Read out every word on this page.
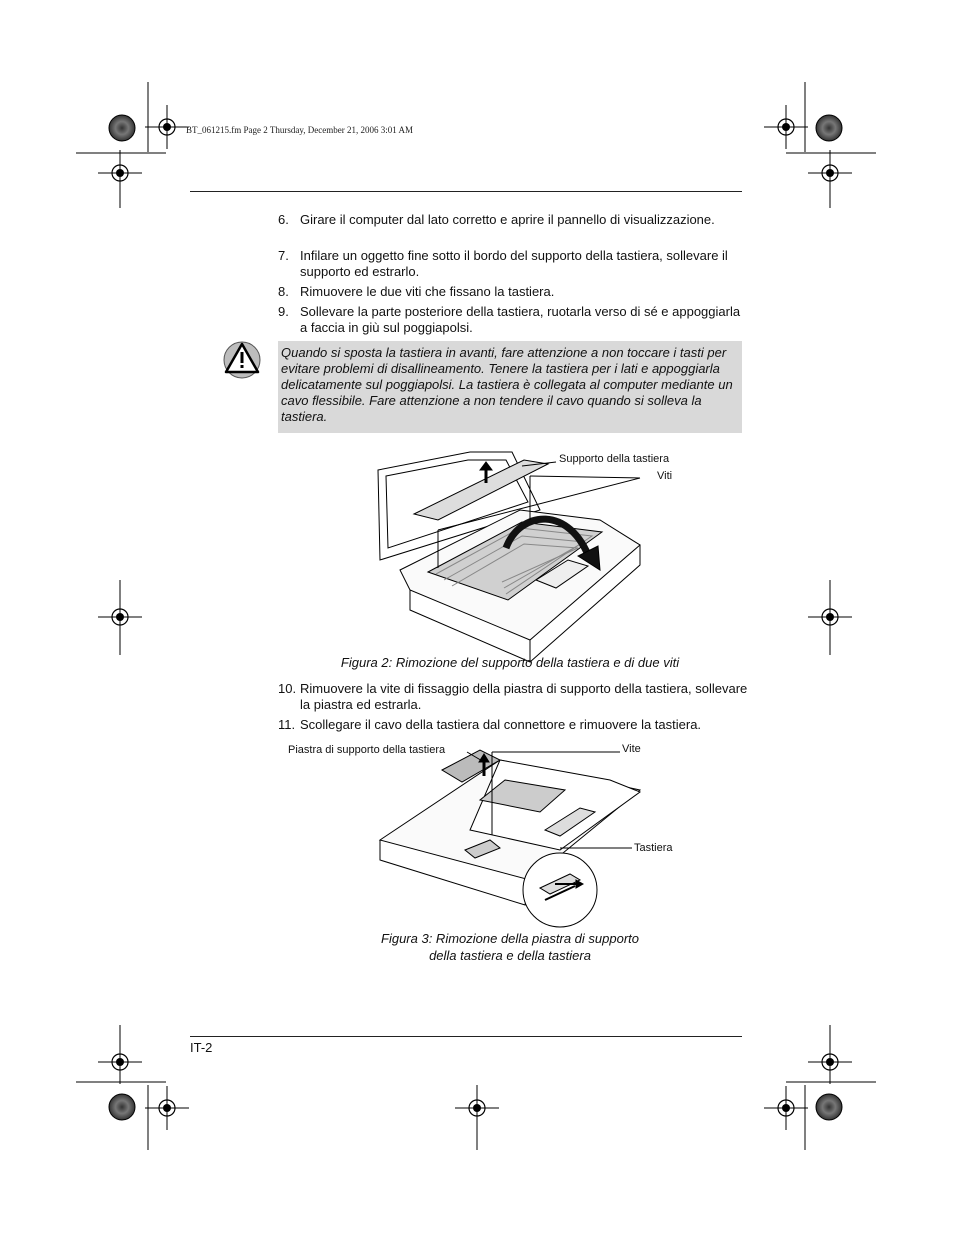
BT_061215.fm Page 2 Thursday, December 21, 2006 3:01 AM
6. Girare il computer dal lato corretto e aprire il pannello di visualizzazione.
7. Infilare un oggetto fine sotto il bordo del supporto della tastiera, sollevare il supporto ed estrarlo.
8. Rimuovere le due viti che fissano la tastiera.
9. Sollevare la parte posteriore della tastiera, ruotarla verso di sé e appoggiarla a faccia in giù sul poggiapolsi.
Quando si sposta la tastiera in avanti, fare attenzione a non toccare i tasti per evitare problemi di disallineamento. Tenere la tastiera per i lati e appoggiarla delicatamente sul poggiapolsi. La tastiera è collegata al computer mediante un cavo flessibile. Fare attenzione a non tendere il cavo quando si solleva la tastiera.
Supporto della tastiera
Viti
Figura 2: Rimozione del supporto della tastiera e di due viti
10. Rimuovere la vite di fissaggio della piastra di supporto della tastiera, sollevare la piastra ed estrarla.
11. Scollegare il cavo della tastiera dal connettore e rimuovere la tastiera.
Piastra di supporto della tastiera	Vite
Tastiera
Figura 3: Rimozione della piastra di supporto
della tastiera e della tastiera
IT-2
